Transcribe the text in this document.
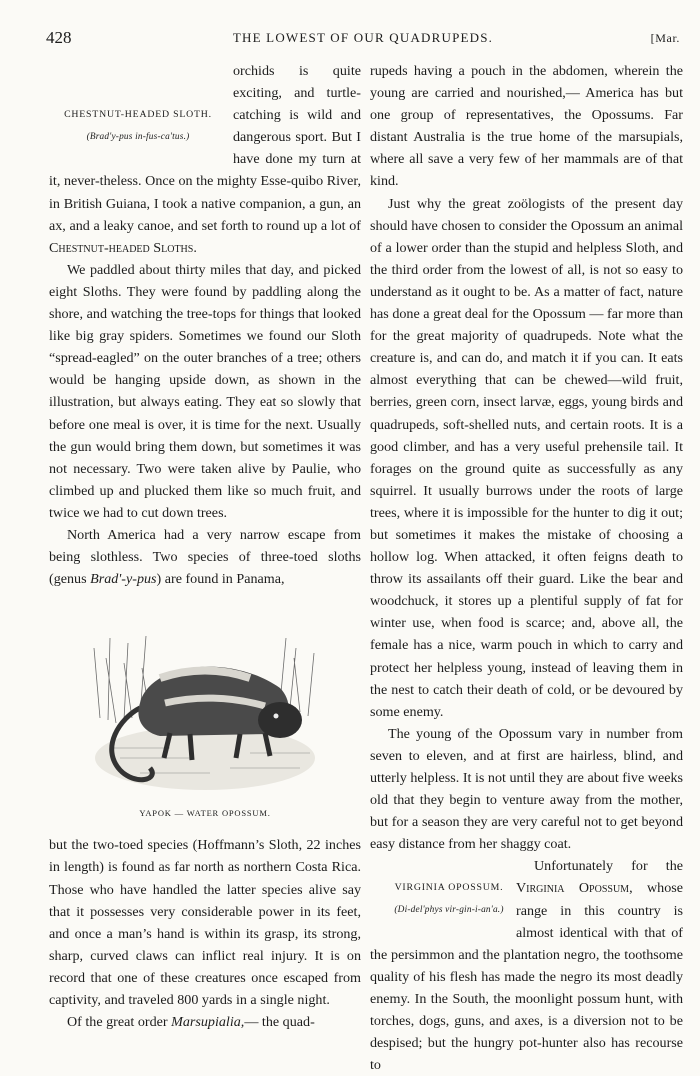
428	THE LOWEST OF OUR QUADRUPEDS.	[Mar.

CHESTNUT-HEADED SLOTH.
(Brad'y-pus in-fus-ca'tus.)
orchids is quite exciting, and turtle-catching is wild and dangerous sport. But I have done my turn at it, never-theless. Once on the mighty Esse-quibo River, in British Guiana, I took a native companion, a gun, an ax, and a leaky canoe, and set forth to round up a lot of Chestnut-headed Sloths.

We paddled about thirty miles that day, and picked eight Sloths. They were found by paddling along the shore, and watching the tree-tops for things that looked like big gray spiders. Sometimes we found our Sloth “spread-eagled” on the outer branches of a tree; others would be hanging upside down, as shown in the illustration, but always eating. They eat so slowly that before one meal is over, it is time for the next. Usually the gun would bring them down, but sometimes it was not necessary. Two were taken alive by Paulie, who climbed up and plucked them like so much fruit, and twice we had to cut down trees.

North America had a very narrow escape from being slothless. Two species of three-toed sloths (genus Brad'-y-pus) are found in Panama,

YAPOK — WATER OPOSSUM.

but the two-toed species (Hoffmann’s Sloth, 22 inches in length) is found as far north as northern Costa Rica. Those who have handled the latter species alive say that it possesses very considerable power in its feet, and once a man’s hand is within its grasp, its strong, sharp, curved claws can inflict real injury. It is on record that one of these creatures once escaped from captivity, and traveled 800 yards in a single night.

Of the great order Marsupialia,— the quad-

rupeds having a pouch in the abdomen, wherein the young are carried and nourished,— America has but one group of representatives, the Opossums. Far distant Australia is the true home of the marsupials, where all save a very few of her mammals are of that kind.

Just why the great zoölogists of the present day should have chosen to consider the Opossum an animal of a lower order than the stupid and helpless Sloth, and the third order from the lowest of all, is not so easy to understand as it ought to be. As a matter of fact, nature has done a great deal for the Opossum — far more than for the great majority of quadrupeds. Note what the creature is, and can do, and match it if you can. It eats almost everything that can be chewed—wild fruit, berries, green corn, insect larvæ, eggs, young birds and quadrupeds, soft-shelled nuts, and certain roots. It is a good climber, and has a very useful prehensile tail. It forages on the ground quite as successfully as any squirrel. It usually burrows under the roots of large trees, where it is impossible for the hunter to dig it out; but sometimes it makes the mistake of choosing a hollow log. When attacked, it often feigns death to throw its assailants off their guard. Like the bear and woodchuck, it stores up a plentiful supply of fat for winter use, when food is scarce; and, above all, the female has a nice, warm pouch in which to carry and protect her helpless young, instead of leaving them in the nest to catch their death of cold, or be devoured by some enemy.

The young of the Opossum vary in number from seven to eleven, and at first are hairless, blind, and utterly helpless. It is not until they are about five weeks old that they begin to venture away from the mother, but for a season they are very careful not to get beyond easy distance from her shaggy coat.

VIRGINIA OPOSSUM.
(Di-del'phys vir-gin-i-an'a.)
Unfortunately for the Virginia Opossum, whose range in this country is almost identical with that of the persimmon and the plantation negro, the toothsome quality of his flesh has made the negro its most deadly enemy. In the South, the moonlight possum hunt, with torches, dogs, guns, and axes, is a diversion not to be despised; but the hungry pot-hunter also has recourse to
